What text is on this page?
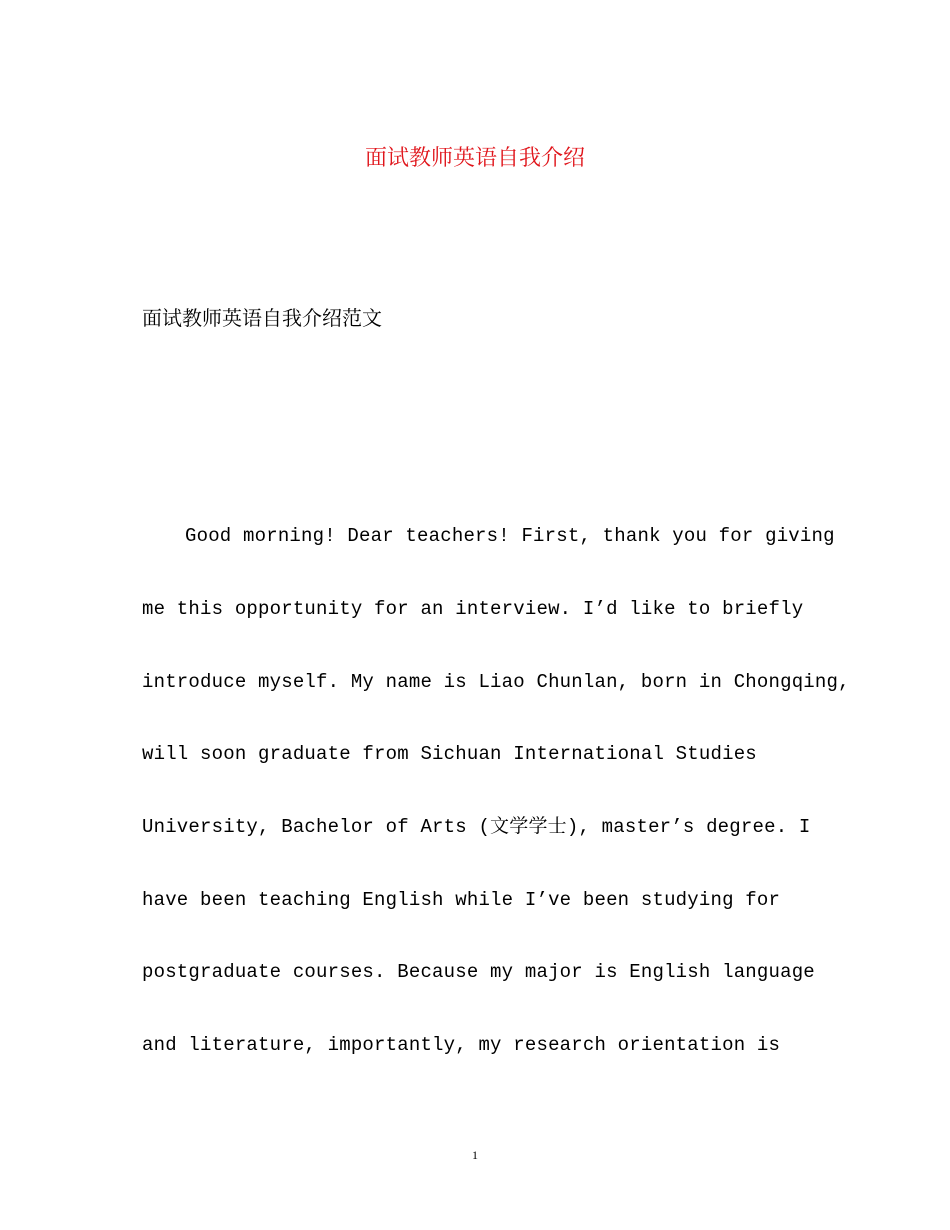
面试教师英语自我介绍
面试教师英语自我介绍范文
Good morning! Dear teachers! First, thank you for giving
me this opportunity for an interview. I’d like to briefly
introduce myself. My name is Liao Chunlan, born in Chongqing,
will soon graduate from Sichuan International Studies
University, Bachelor of Arts (文学学士), master’s degree. I
have been teaching English while I’ve been studying for
postgraduate courses. Because my major is English language
and literature, importantly, my research orientation is
1
